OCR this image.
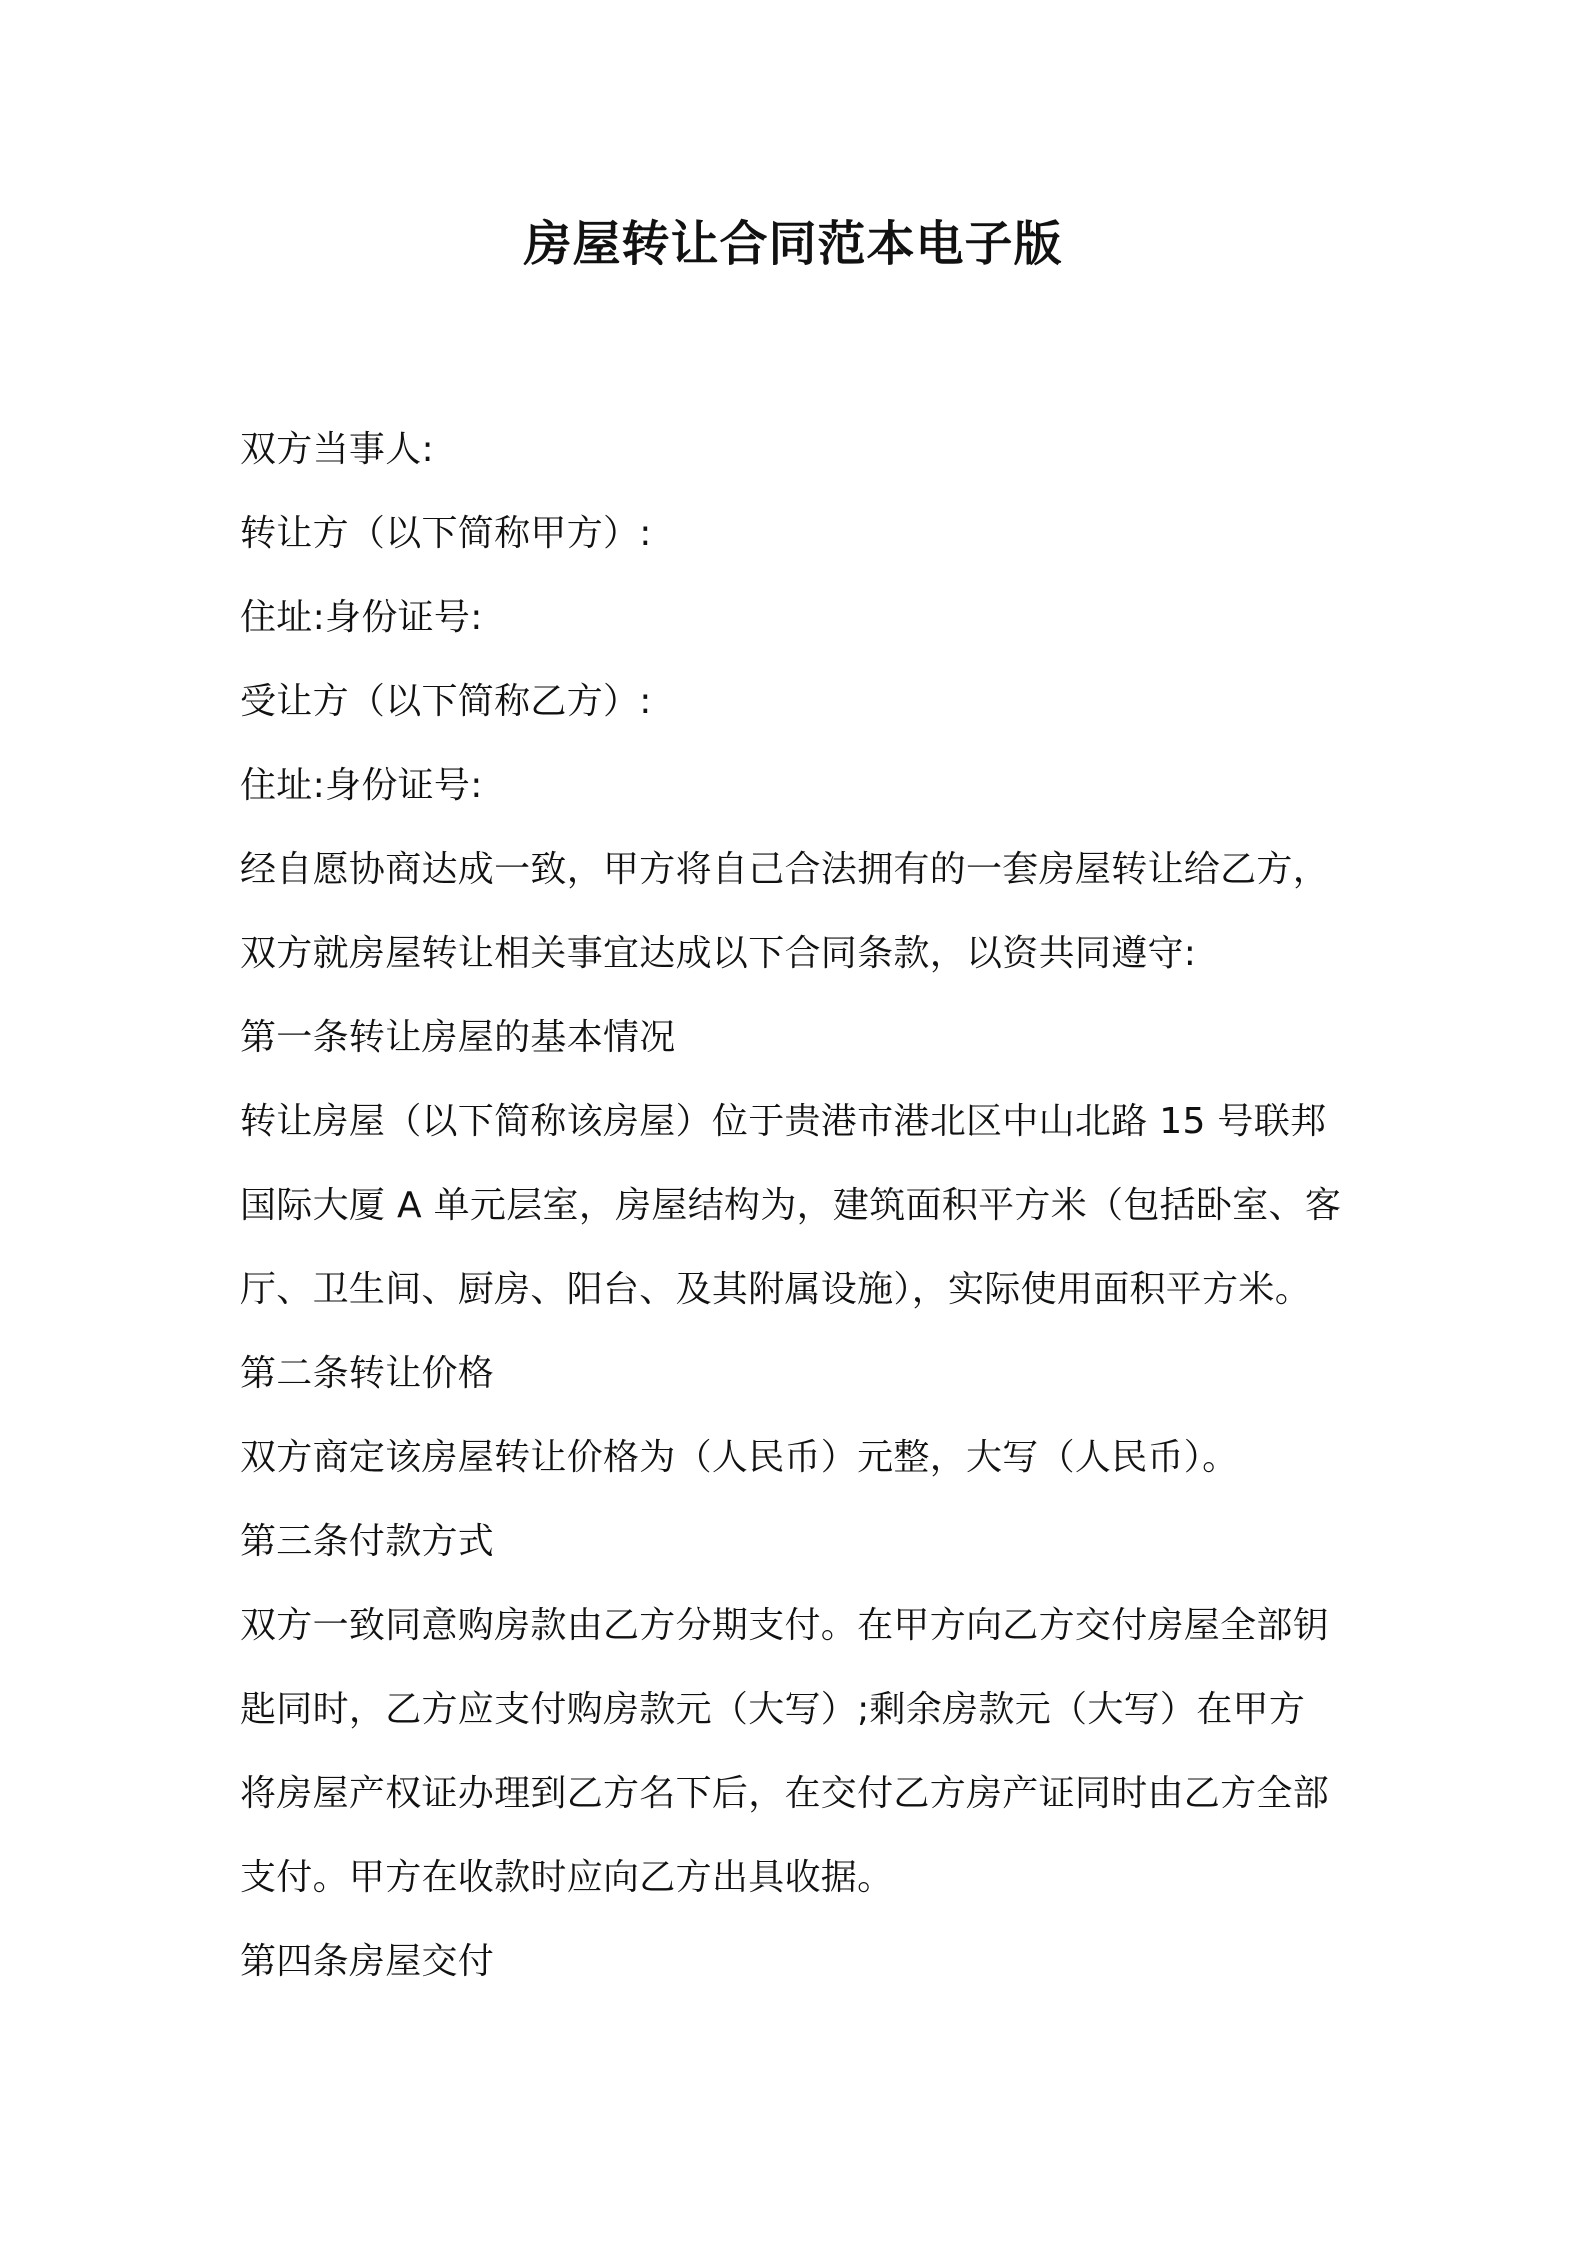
房屋转让合同范本电子版
双方当事人:
转让方（以下简称甲方）:
住址:身份证号:
受让方（以下简称乙方）:
住址:身份证号:
经自愿协商达成一致，甲方将自己合法拥有的一套房屋转让给乙方，
双方就房屋转让相关事宜达成以下合同条款，以资共同遵守:
第一条转让房屋的基本情况
转让房屋（以下简称该房屋）位于贵港市港北区中山北路 15 号联邦
国际大厦 A 单元层室，房屋结构为，建筑面积平方米（包括卧室、客
厅、卫生间、厨房、阳台、及其附属设施），实际使用面积平方米。
第二条转让价格
双方商定该房屋转让价格为（人民币）元整，大写（人民币）。
第三条付款方式
双方一致同意购房款由乙方分期支付。在甲方向乙方交付房屋全部钥
匙同时，乙方应支付购房款元（大写）;剩余房款元（大写）在甲方
将房屋产权证办理到乙方名下后，在交付乙方房产证同时由乙方全部
支付。甲方在收款时应向乙方出具收据。
第四条房屋交付
